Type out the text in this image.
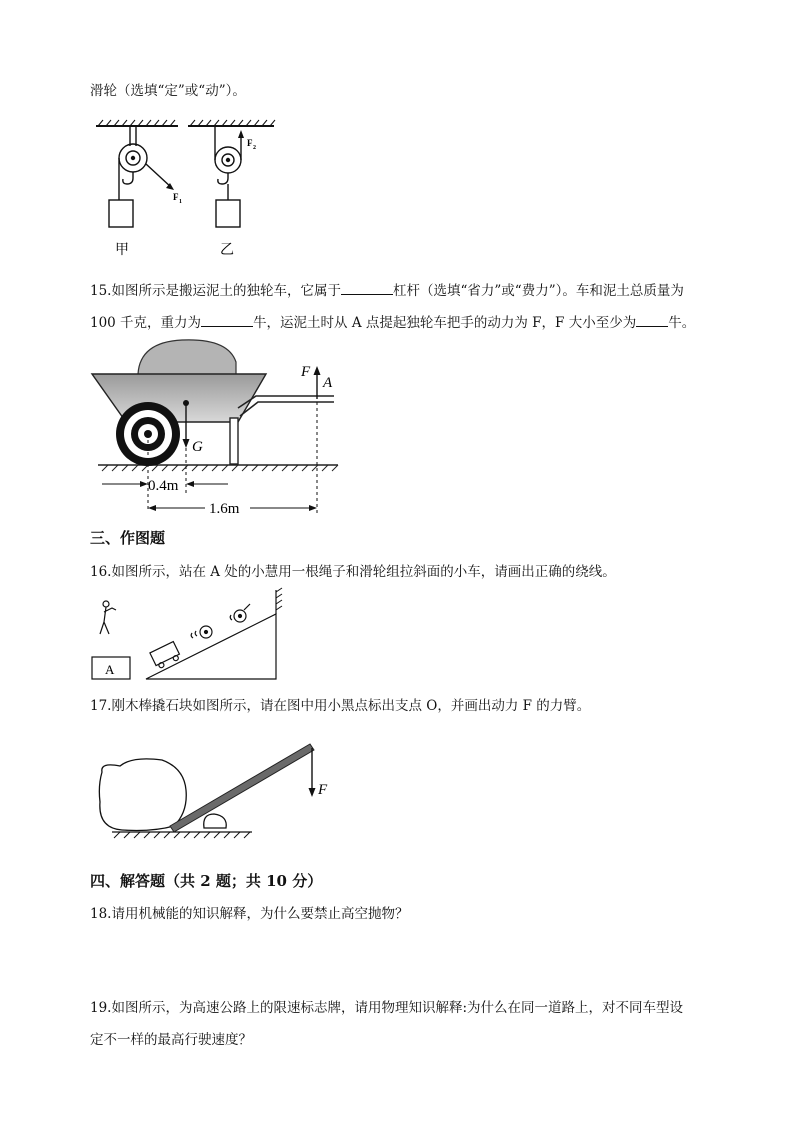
滑轮（选填“定”或“动”）。
F 1
甲
F 2
乙
15.如图所示是搬运泥土的独轮车，它属于	杠杆（选填“省力”或“费力”）。车和泥土总质量为
100 千克，重力为	牛，运泥土时从 A 点提起独轮车把手的动力为 F，F 大小至少为 牛。
G
F
A
0.4m
1.6m
三、作图题
16.如图所示，站在 A 处的小慧用一根绳子和滑轮组拉斜面的小车，请画出正确的绕线。
A
17.刚木棒撬石块如图所示，请在图中用小黑点标出支点 O，并画出动力 F 的力臂。
F
四、解答题（共 2 题；共 10 分）
18.请用机械能的知识解释，为什么要禁止高空抛物？
19.如图所示，为高速公路上的限速标志牌，请用物理知识解释:为什么在同一道路上，对不同车型设
定不一样的最高行驶速度？
